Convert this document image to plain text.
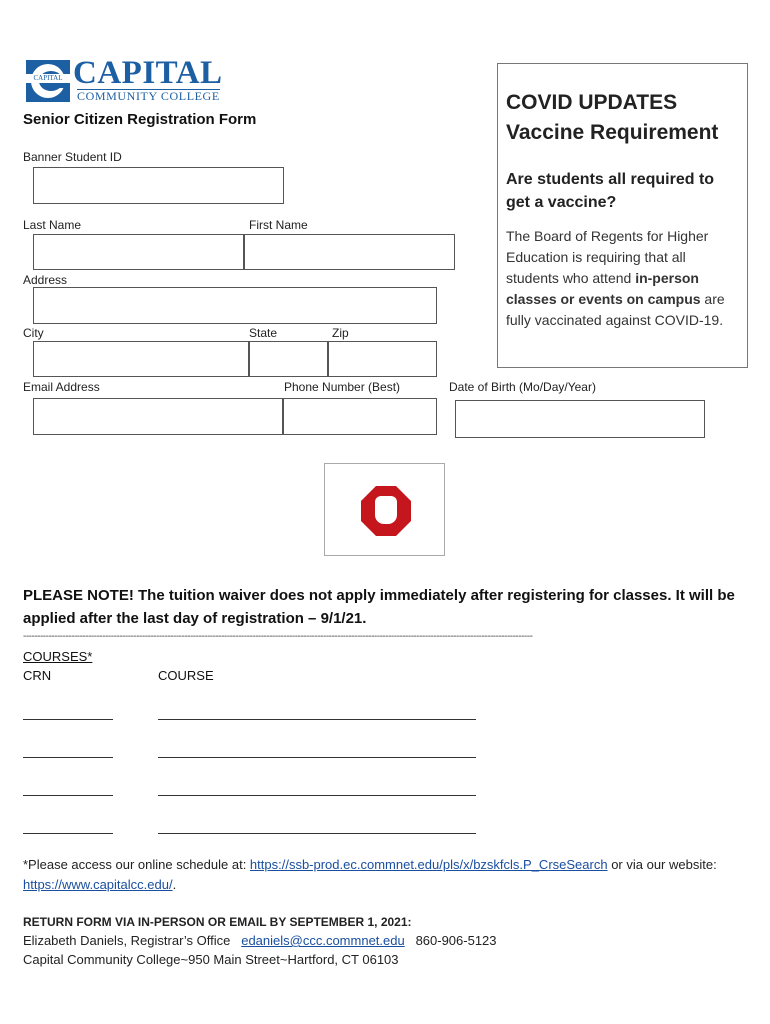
CAPITAL CAPITAL
COMMUNITY COLLEGE
Senior Citizen Registration Form
Banner Student ID
Last Name	First Name
Address
City	State	Zip
Email Address	Phone Number (Best)	Date of Birth (Mo/Day/Year)
COVID UPDATES
Vaccine Requirement
Are students all required to get a vaccine?

The Board of Regents for Higher Education is requiring that all students who attend in-person classes or events on campus are fully vaccinated against COVID-19.

PLEASE NOTE! The tuition waiver does not apply immediately after registering for classes. It will be applied after the last day of registration – 9/1/21.
------------------------------------------------------------------------------------------------------------------------------------------------------------------------------------
COURSES*
CRN	COURSE
*Please access our online schedule at: https://ssb-prod.ec.commnet.edu/pls/x/bzskfcls.P_CrseSearch or via our website: https://www.capitalcc.edu/.
RETURN FORM VIA IN-PERSON OR EMAIL BY SEPTEMBER 1, 2021:
Elizabeth Daniels, Registrar’s Office edaniels@ccc.commnet.edu 860-906-5123
Capital Community College~950 Main Street~Hartford, CT 06103
